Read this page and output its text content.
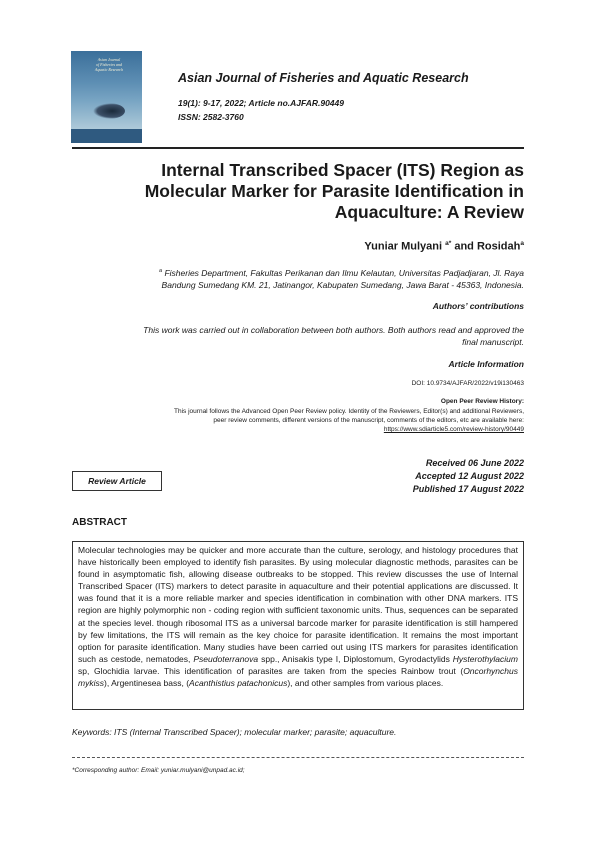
Asian Journal
of Fisheries and
Aquatic Research
Asian Journal of Fisheries and Aquatic Research
19(1): 9-17, 2022; Article no.AJFAR.90449
ISSN: 2582-3760
Internal Transcribed Spacer (ITS) Region as
Molecular Marker for Parasite Identification in
Aquaculture: A Review
Yuniar Mulyani $^{a*}$ and Rosidah$^a$
$^a$ Fisheries Department, Fakultas Perikanan dan Ilmu Kelautan, Universitas Padjadjaran, Jl. Raya
Bandung Sumedang KM. 21, Jatinangor, Kabupaten Sumedang, Jawa Barat - 45363, Indonesia.
Authors’ contributions
This work was carried out in collaboration between both authors. Both authors read and approved the
final manuscript.
Article Information
DOI: 10.9734/AJFAR/2022/v19i130463
Open Peer Review History:
This journal follows the Advanced Open Peer Review policy. Identity of the Reviewers, Editor(s) and additional Reviewers,
peer review comments, different versions of the manuscript, comments of the editors, etc are available here:
https://www.sdiarticle5.com/review-history/90449
Review Article
Received 06 June 2022
Accepted 12 August 2022
Published 17 August 2022
ABSTRACT
Molecular technologies may be quicker and more accurate than the culture, serology, and histology procedures that have historically been employed to identify fish parasites. By using molecular diagnostic methods, parasites can be found in asymptomatic fish, allowing disease outbreaks to be stopped. This review discusses the use of Internal Transcribed Spacer (ITS) markers to detect parasite in aquaculture and their potential applications are discussed. It was found that it is a more reliable marker and species identification in combination with other DNA markers. ITS region are highly polymorphic non - coding region with sufficient taxonomic units. Thus, sequences can be separated at the species level. though ribosomal ITS as a universal barcode marker for parasite identification is still hampered by few limitations, the ITS will remain as the key choice for parasite identification. It remains the most important option for parasite identification. Many studies have been carried out using ITS markers for parasites identification such as cestode, nematodes, Pseudoterranova spp., Anisakis type I, Diplostomum, Gyrodactylids Hysterothylacium sp, Glochidia larvae. This identification of parasites are taken from the species Rainbow trout (Oncorhynchus mykiss), Argentinesea bass, (Acanthistius patachonicus), and other samples from various places.
Keywords: ITS (Internal Transcribed Spacer); molecular marker; parasite; aquaculture.
*Corresponding author: Email: yuniar.mulyani@unpad.ac.id;
